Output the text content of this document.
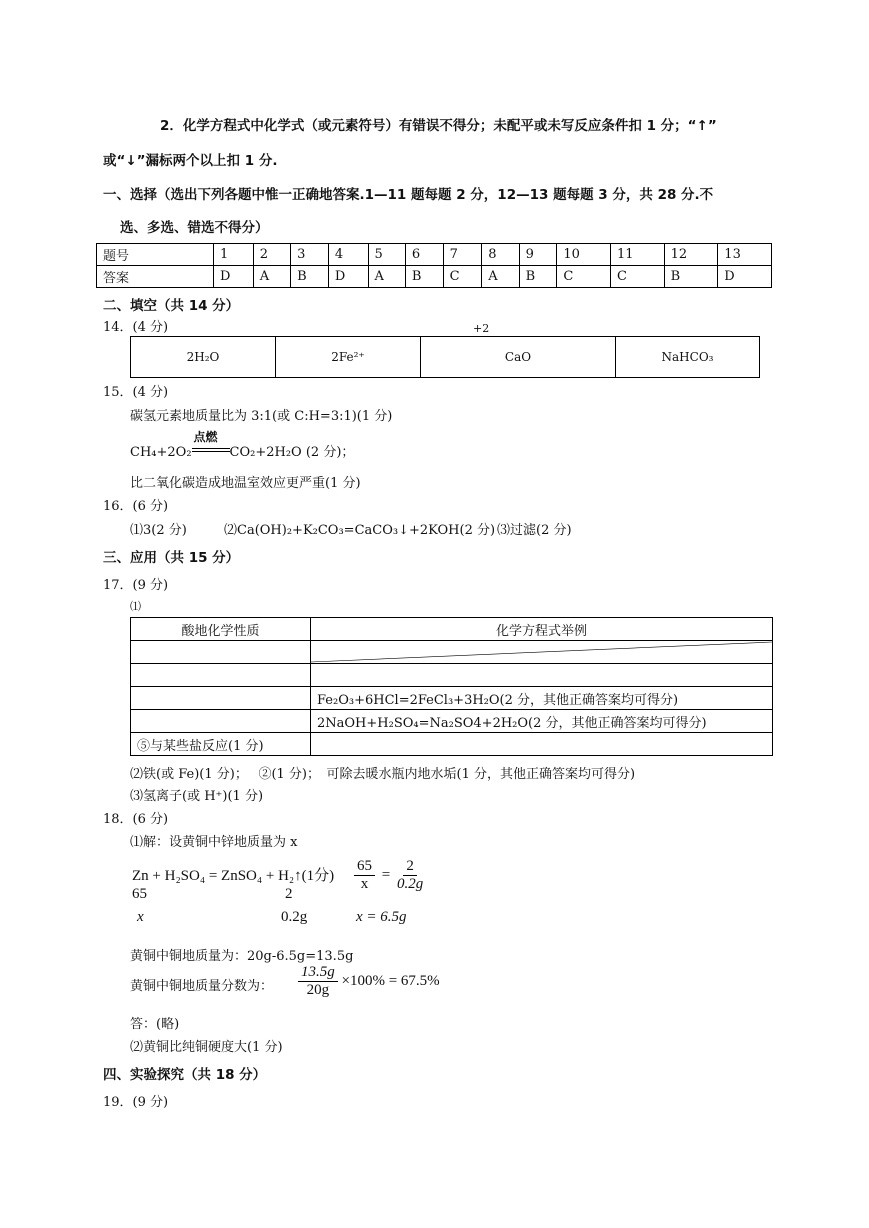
2．化学方程式中化学式（或元素符号）有错误不得分；未配平或未写反应条件扣 1 分；“↑”
或“↓”漏标两个以上扣 1 分.
一、选择（选出下列各题中惟一正确地答案.1—11 题每题 2 分，12—13 题每题 3 分，共 28 分.不
选、多选、错选不得分）
题号	1	2	3	4	5	6	7	8	9	10	11	12	13
答案	D	A	B	D	A	B	C	A	B	C	C	B	D
二、填空（共 14 分）
14．(4 分)	+2
2H₂O	2Fe²⁺	CaO	NaHCO₃
15．(4 分)
碳氢元素地质量比为 3:1(或 C:H=3:1)(1 分)
CH₄+2O₂
点燃
CO₂+2H₂O (2 分)；
比二氧化碳造成地温室效应更严重(1 分)
16．(6 分)
⑴3(2 分)	⑵Ca(OH)₂+K₂CO₃=CaCO₃↓+2KOH(2 分) ⑶过滤(2 分)
三、应用（共 15 分）
17．(9 分)
⑴
酸地化学性质	化学方程式举例

	Fe₂O₃+6HCl=2FeCl₃+3H₂O(2 分，其他正确答案均可得分)
	2NaOH+H₂SO₄=Na₂SO4+2H₂O(2 分，其他正确答案均可得分)
⑤与某些盐反应(1 分)	
⑵铁(或 Fe)(1 分)；　 ②(1 分)；　可除去暖水瓶内地水垢(1 分，其他正确答案均可得分)
⑶氢离子(或 H⁺)(1 分)
18．(6 分)
⑴解：设黄铜中锌地质量为 x
Zn + H₂SO₄ = ZnSO₄ + H₂↑(1分) $\frac{65}{x} = \frac{2}{0.2g}$
65	2
x	0.2g	x = 6.5g
黄铜中铜地质量为：20g-6.5g=13.5g
黄铜中铜地质量分数为： $\frac{13.5g}{20g} \times 100\% = 67.5\%$
答：(略)
⑵黄铜比纯铜硬度大(1 分)
四、实验探究（共 18 分）
19．(9 分)
